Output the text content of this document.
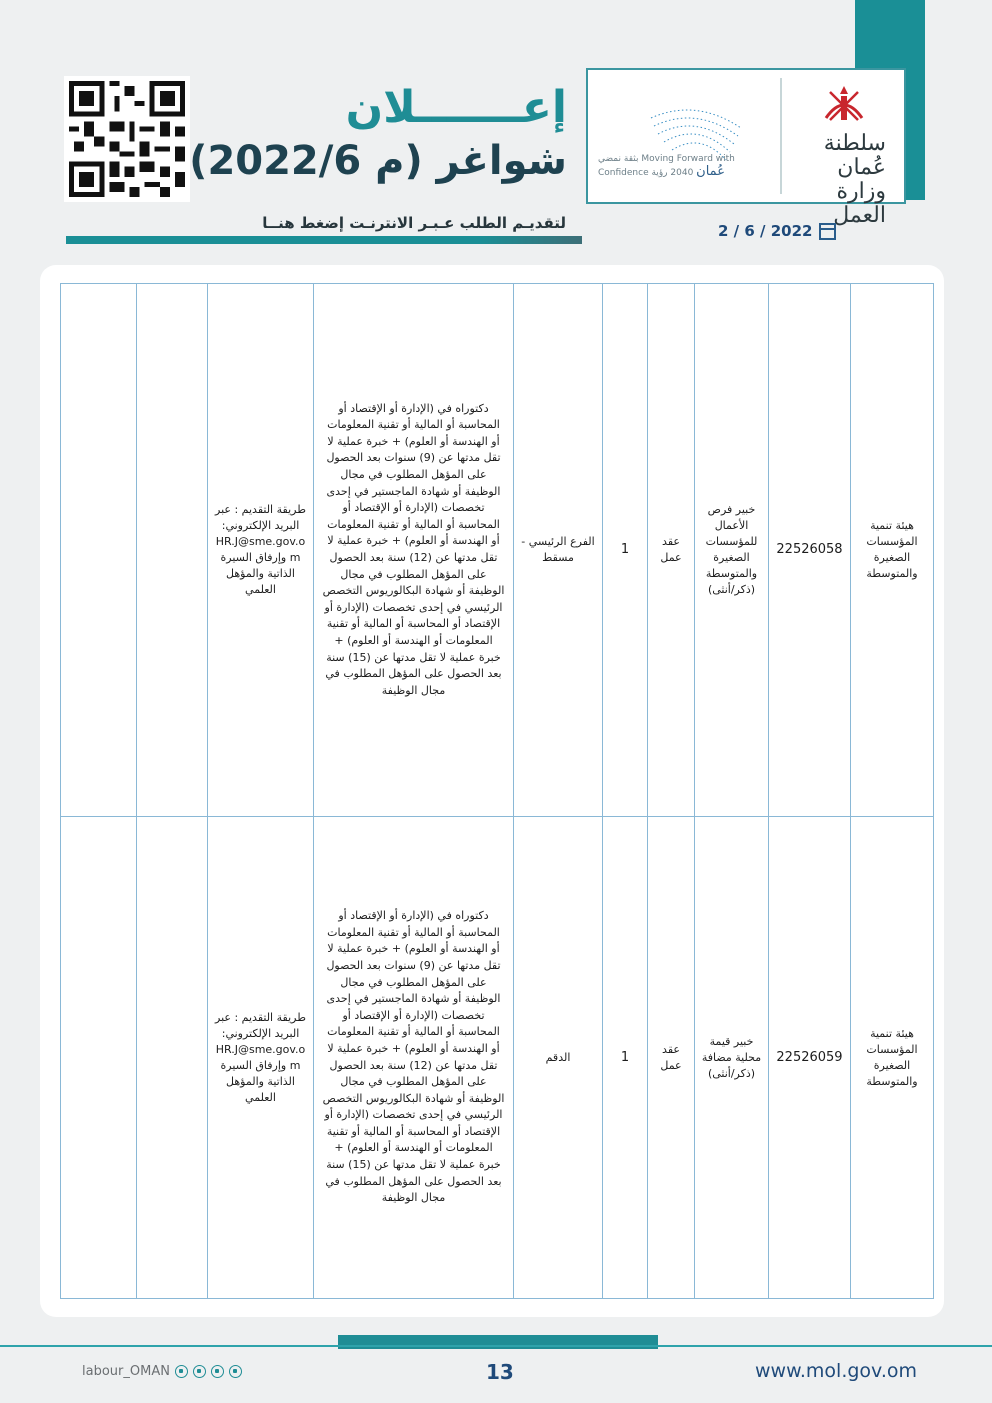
سلطنة عُمان
وزارة العمل
بثقة نمضي Moving Forward with Confidence	عُمان 2040 رؤية
إعـــــــلان
شواغر (م 2022/6)
لتقديـم الطلب عـبـر الانترنـت إضغط هنــا	2022 / 6 / 2
		طريقة التقديم : عبر البريد الإلكتروني: HR.J@sme.gov.om وإرفاق السيرة الذاتية والمؤهل العلمي	دكتوراه في (الإدارة أو الإقتصاد أو المحاسبة أو المالية أو تقنية المعلومات أو الهندسة أو العلوم) + خبرة عملية لا تقل مدتها عن (9) سنوات بعد الحصول على المؤهل المطلوب في مجال الوظيفة أو شهادة الماجستير في إحدى تخصصات (الإدارة أو الإقتصاد أو المحاسبة أو المالية أو تقنية المعلومات أو الهندسة أو العلوم) + خبرة عملية لا تقل مدتها عن (12) سنة بعد الحصول على المؤهل المطلوب في مجال الوظيفة أو شهادة البكالوريوس التخصص الرئيسي في إحدى تخصصات (الإدارة أو الإقتصاد أو المحاسبة أو المالية أو تقنية المعلومات أو الهندسة أو العلوم) + خبرة عملية لا تقل مدتها عن (15) سنة بعد الحصول على المؤهل المطلوب في مجال الوظيفة	الفرع الرئيسي - مسقط	1	عقد عمل	خبير فرص الأعمال للمؤسسات الصغيرة والمتوسطة (ذكر/أنثى)	22526058	هيئة تنمية المؤسسات الصغيرة والمتوسطة
		طريقة التقديم : عبر البريد الإلكتروني: HR.J@sme.gov.om وإرفاق السيرة الذاتية والمؤهل العلمي	دكتوراه في (الإدارة أو الإقتصاد أو المحاسبة أو المالية أو تقنية المعلومات أو الهندسة أو العلوم) + خبرة عملية لا تقل مدتها عن (9) سنوات بعد الحصول على المؤهل المطلوب في مجال الوظيفة أو شهادة الماجستير في إحدى تخصصات (الإدارة أو الإقتصاد أو المحاسبة أو المالية أو تقنية المعلومات أو الهندسة أو العلوم) + خبرة عملية لا تقل مدتها عن (12) سنة بعد الحصول على المؤهل المطلوب في مجال الوظيفة أو شهادة البكالوريوس التخصص الرئيسي في إحدى تخصصات (الإدارة أو الإقتصاد أو المحاسبة أو المالية أو تقنية المعلومات أو الهندسة أو العلوم) + خبرة عملية لا تقل مدتها عن (15) سنة بعد الحصول على المؤهل المطلوب في مجال الوظيفة	الدقم	1	عقد عمل	خبير قيمة محلية مضافة (ذكر/أنثى)	22526059	هيئة تنمية المؤسسات الصغيرة والمتوسطة
labour_OMAN	13	www.mol.gov.om
